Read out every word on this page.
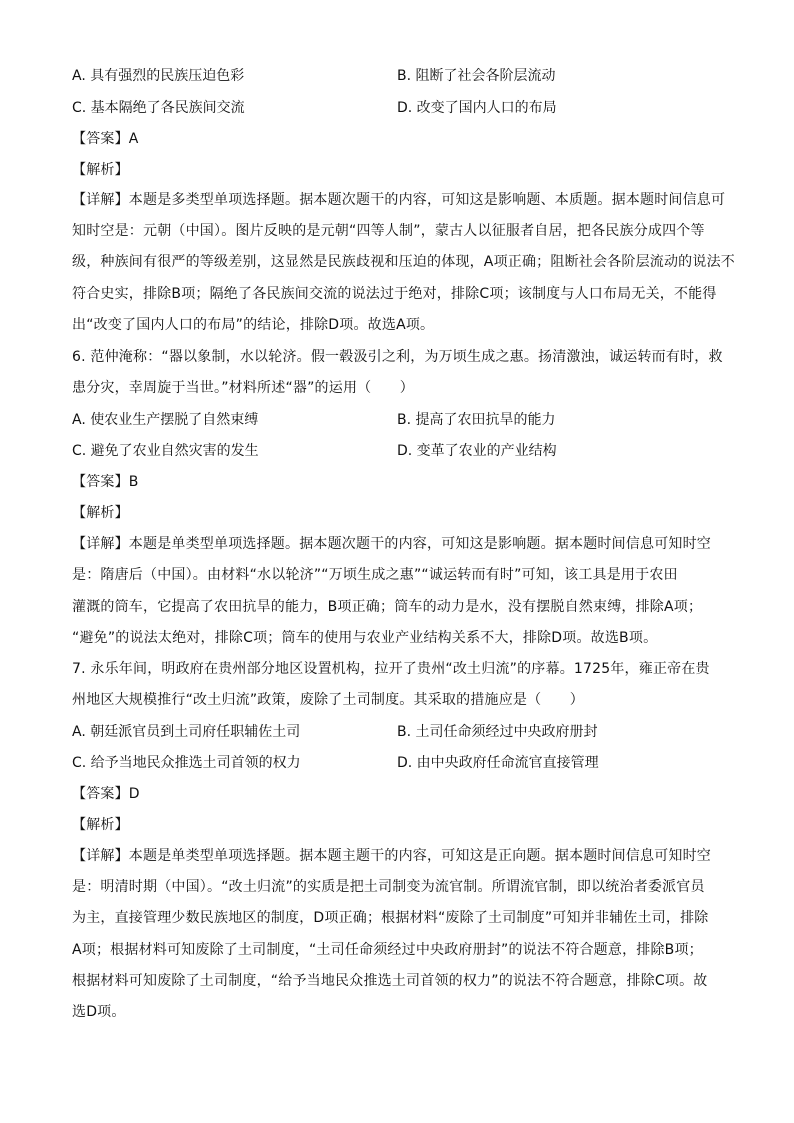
A. 具有强烈的民族压迫色彩	B. 阻断了社会各阶层流动
C. 基本隔绝了各民族间交流	D. 改变了国内人口的布局
【答案】A
【解析】
【详解】本题是多类型单项选择题。据本题次题干的内容，可知这是影响题、本质题。据本题时间信息可
知时空是：元朝（中国）。图片反映的是元朝“四等人制”，蒙古人以征服者自居，把各民族分成四个等
级，种族间有很严的等级差别，这显然是民族歧视和压迫的体现，A项正确；阻断社会各阶层流动的说法不
符合史实，排除B项；隔绝了各民族间交流的说法过于绝对，排除C项；该制度与人口布局无关，不能得
出“改变了国内人口的布局”的结论，排除D项。故选A项。
6. 范仲淹称：“器以象制，水以轮济。假一毂汲引之利，为万顷生成之惠。扬清激浊，诚运转而有时，救
患分灾，幸周旋于当世。”材料所述“器”的运用（　　）
A. 使农业生产摆脱了自然束缚	B. 提高了农田抗旱的能力
C. 避免了农业自然灾害的发生	D. 变革了农业的产业结构
【答案】B
【解析】
【详解】本题是单类型单项选择题。据本题次题干的内容，可知这是影响题。据本题时间信息可知时空
是：隋唐后（中国）。由材料“水以轮济”“万顷生成之惠”“诚运转而有时”可知，该工具是用于农田
灌溉的筒车，它提高了农田抗旱的能力，B项正确；筒车的动力是水，没有摆脱自然束缚，排除A项；
“避免”的说法太绝对，排除C项；筒车的使用与农业产业结构关系不大，排除D项。故选B项。
7. 永乐年间，明政府在贵州部分地区设置机构，拉开了贵州“改土归流”的序幕。1725年，雍正帝在贵
州地区大规模推行“改土归流”政策，废除了土司制度。其采取的措施应是（　　）
A. 朝廷派官员到土司府任职辅佐土司	B. 土司任命须经过中央政府册封
C. 给予当地民众推选土司首领的权力	D. 由中央政府任命流官直接管理
【答案】D
【解析】
【详解】本题是单类型单项选择题。据本题主题干的内容，可知这是正向题。据本题时间信息可知时空
是：明清时期（中国）。“改土归流”的实质是把土司制变为流官制。所谓流官制，即以统治者委派官员
为主，直接管理少数民族地区的制度，D项正确；根据材料“废除了土司制度”可知并非辅佐土司，排除
A项；根据材料可知废除了土司制度，“土司任命须经过中央政府册封”的说法不符合题意，排除B项；
根据材料可知废除了土司制度，“给予当地民众推选土司首领的权力”的说法不符合题意，排除C项。故
选D项。
